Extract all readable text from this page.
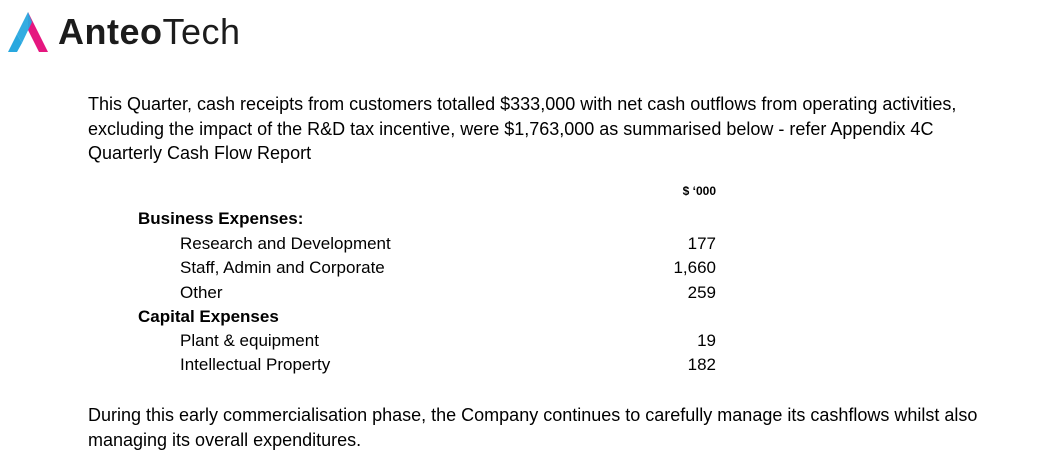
AnteoTech

This Quarter, cash receipts from customers totalled $333,000 with net cash outflows from operating activities, excluding the impact of the R&D tax incentive, were $1,763,000 as summarised below - refer Appendix 4C Quarterly Cash Flow Report

$ ‘000
Business Expenses:
Research and Development	177
Staff, Admin and Corporate	1,660
Other	259
Capital Expenses
Plant & equipment	19
Intellectual Property	182

During this early commercialisation phase, the Company continues to carefully manage its cashflows whilst also managing its overall expenditures.
